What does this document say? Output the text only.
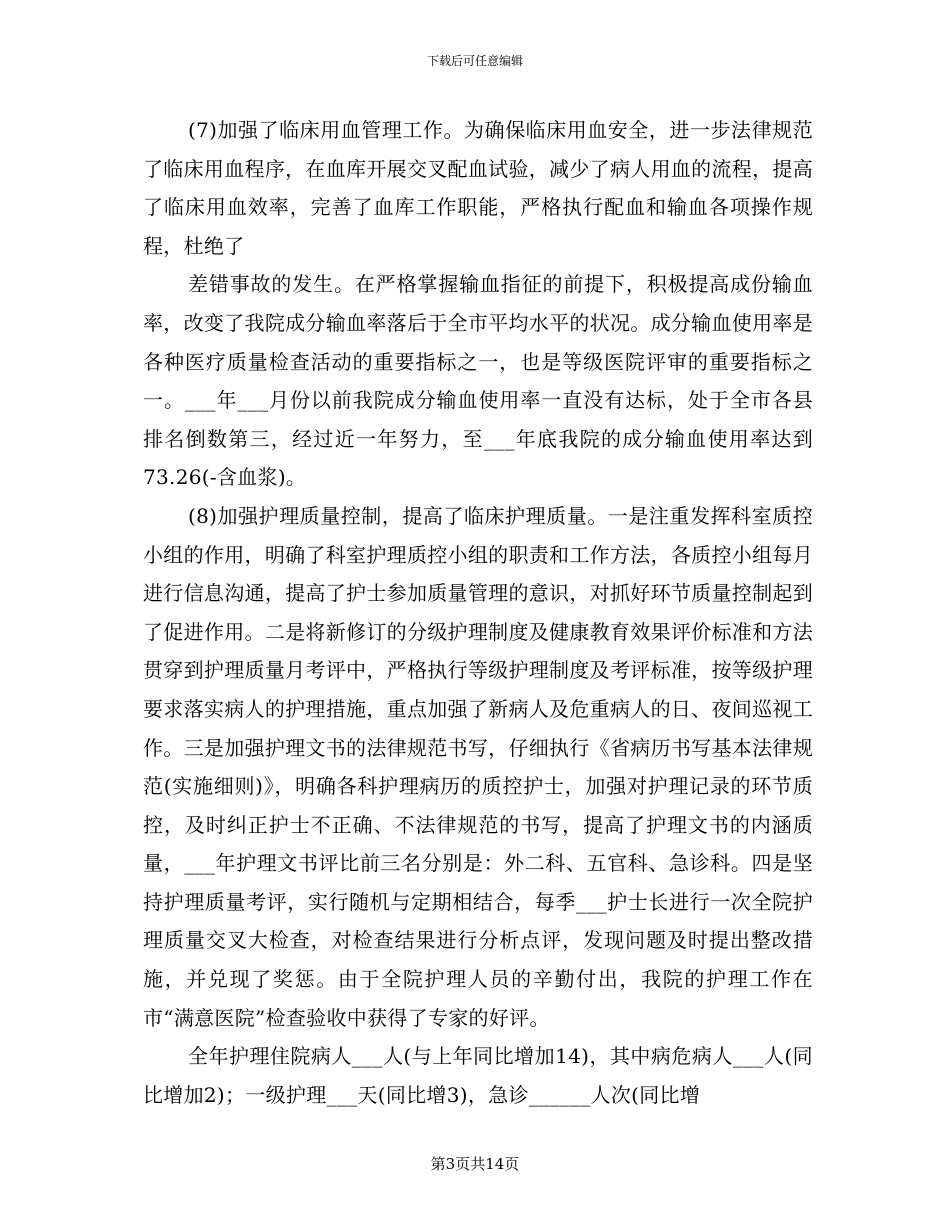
下载后可任意编辑

(7)加强了临床用血管理工作。为确保临床用血安全，进一步法律规范了临床用血程序，在血库开展交叉配血试验，减少了病人用血的流程，提高了临床用血效率，完善了血库工作职能，严格执行配血和输血各项操作规程，杜绝了

差错事故的发生。在严格掌握输血指征的前提下，积极提高成份输血率，改变了我院成分输血率落后于全市平均水平的状况。成分输血使用率是各种医疗质量检查活动的重要指标之一，也是等级医院评审的重要指标之一。___年___月份以前我院成分输血使用率一直没有达标，处于全市各县排名倒数第三，经过近一年努力，至___年底我院的成分输血使用率达到73.26(-含血浆)。

(8)加强护理质量控制，提高了临床护理质量。一是注重发挥科室质控小组的作用，明确了科室护理质控小组的职责和工作方法，各质控小组每月进行信息沟通，提高了护士参加质量管理的意识，对抓好环节质量控制起到了促进作用。二是将新修订的分级护理制度及健康教育效果评价标准和方法贯穿到护理质量月考评中，严格执行等级护理制度及考评标准，按等级护理要求落实病人的护理措施，重点加强了新病人及危重病人的日、夜间巡视工作。三是加强护理文书的法律规范书写，仔细执行《省病历书写基本法律规范(实施细则)》，明确各科护理病历的质控护士，加强对护理记录的环节质控，及时纠正护士不正确、不法律规范的书写，提高了护理文书的内涵质量，___年护理文书评比前三名分别是：外二科、五官科、急诊科。四是坚持护理质量考评，实行随机与定期相结合，每季___护士长进行一次全院护理质量交叉大检查，对检查结果进行分析点评，发现问题及时提出整改措施，并兑现了奖惩。由于全院护理人员的辛勤付出，我院的护理工作在市“满意医院”检查验收中获得了专家的好评。

全年护理住院病人___人(与上年同比增加14)，其中病危病人___人(同比增加2)；一级护理___天(同比增3)，急诊______人次(同比增

第3页共14页
